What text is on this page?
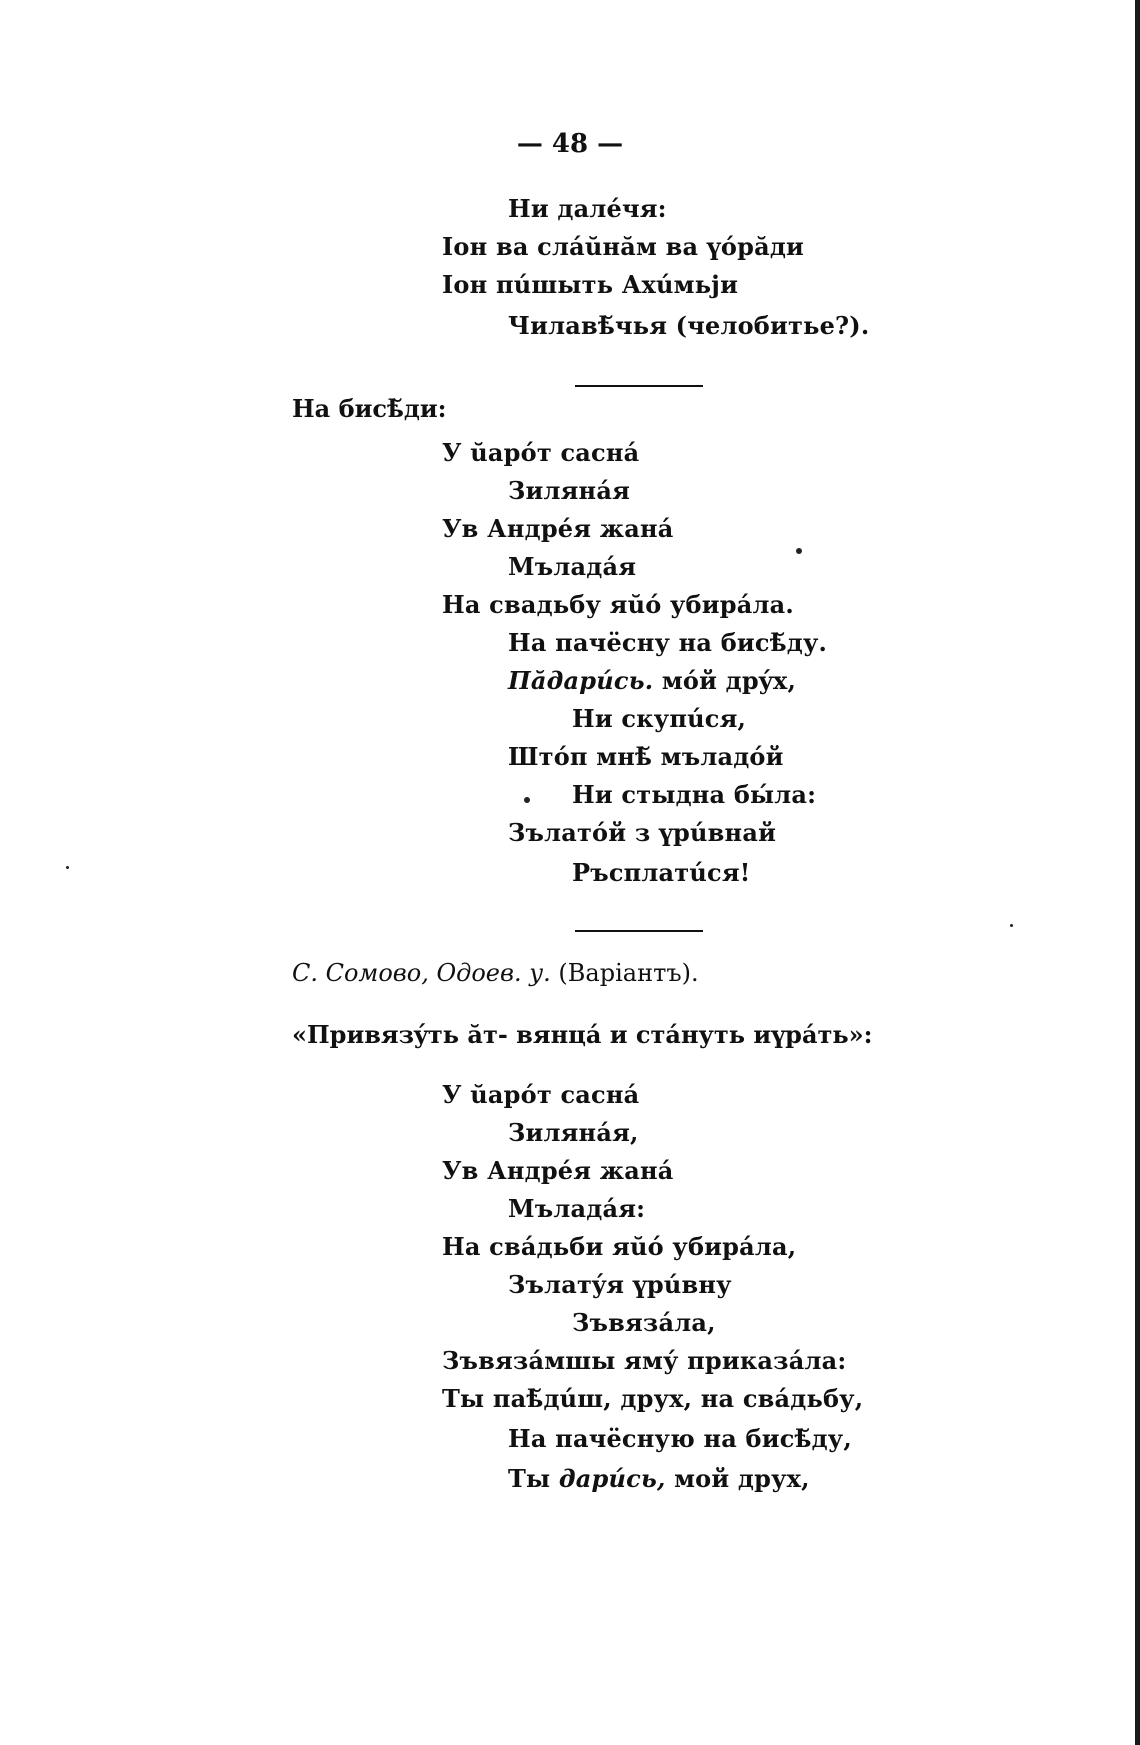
— 48 —
Ни далéчя:
Іон ва слáŭнăм ва үóрăди
Іон пúшыть Ахúмьји
Чилавѣ̆чья (челобитье?).
На бисѣ̆ди:
У ŭарóт саснá
Зилянáя
Ув Андрéя жанá
Мъладáя
На свадьбу яŭó убирáла.
На пачёсну на бисѣ̆ду.
Пăдарúсь. мóй дрýх,
Ни скупúся,
Штóп мнѣ̆ мъладóй
Ни стыдна бы́ла:
Зълатóй з үрúвнай
Ръсплатúся!
С. Сомово, Одоев. у. (Варіантъ).
«Привязýть ăт- вянцá и стáнуть иүрáть»:
У ŭарóт саснá
Зилянáя,
Ув Андрéя жанá
Мъладáя:
На свáдьби яŭó убирáла,
Зълатýя үрúвну
Зъвязáла,
Зъвязáмшы яму́ приказáла:
Ты паѣ̆дúш, друх, на свáдьбу,
На пачёсную на бисѣ̆ду,
Ты дарúсь, мой друх,
